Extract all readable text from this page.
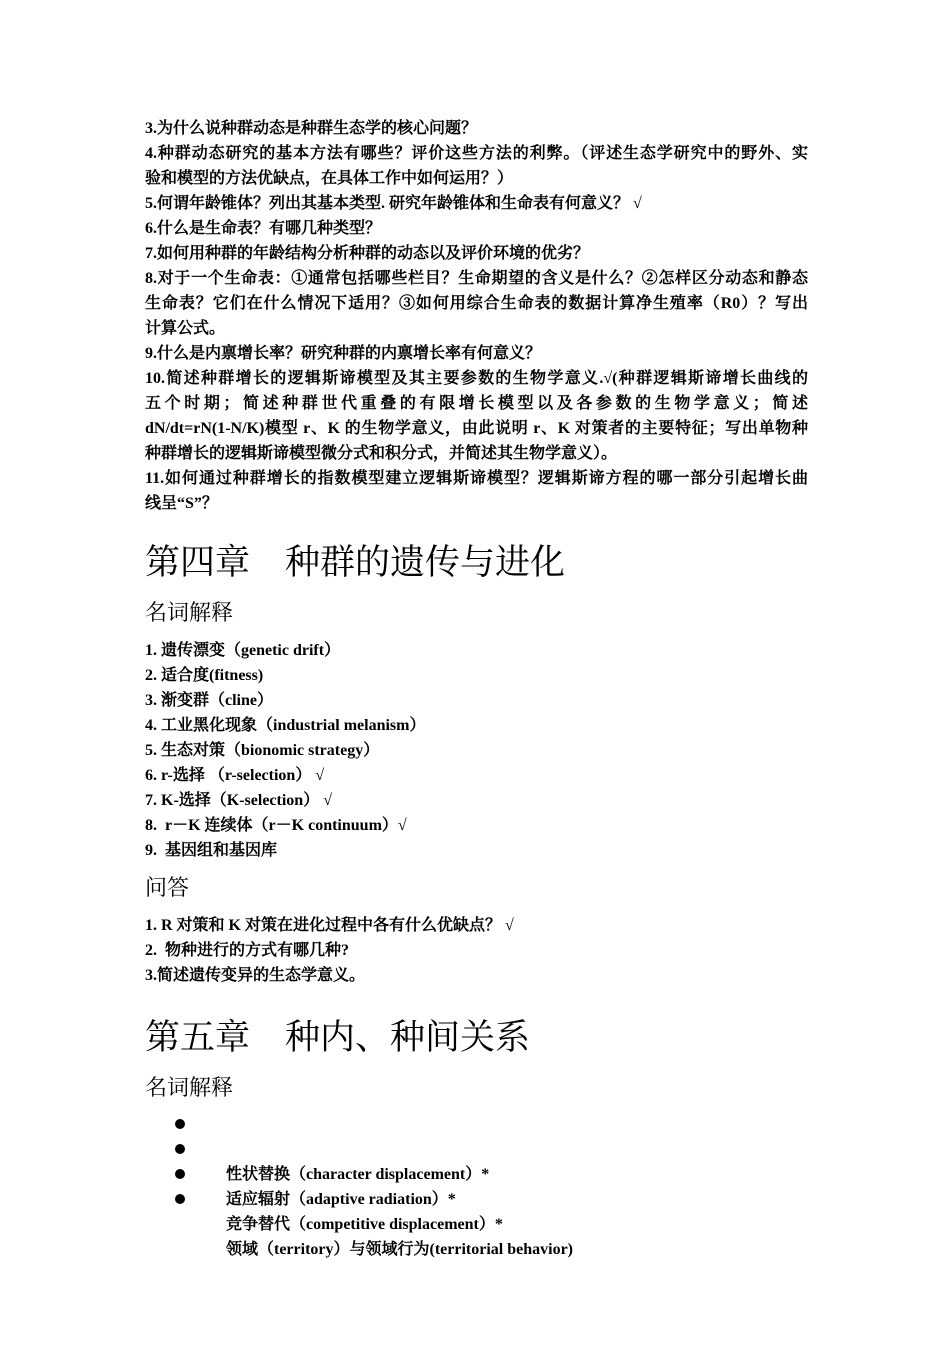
3.为什么说种群动态是种群生态学的核心问题？
4.种群动态研究的基本方法有哪些？评价这些方法的利弊。（评述生态学研究中的野外、实
验和模型的方法优缺点，在具体工作中如何运用？）
5.何谓年龄锥体？列出其基本类型. 研究年龄锥体和生命表有何意义？ √
6.什么是生命表？有哪几种类型？
7.如何用种群的年龄结构分析种群的动态以及评价环境的优劣？
8.对于一个生命表：①通常包括哪些栏目？生命期望的含义是什么？②怎样区分动态和静态
生命表？它们在什么情况下适用？③如何用综合生命表的数据计算净生殖率（R0）？写出
计算公式。
9.什么是内禀增长率？研究种群的内禀增长率有何意义？
10.简述种群增长的逻辑斯谛模型及其主要参数的生物学意义.√(种群逻辑斯谛增长曲线的
五个时期；简述种群世代重叠的有限增长模型以及各参数的生物学意义；简述
dN/dt=rN(1-N/K)模型 r、K 的生物学意义，由此说明 r、K 对策者的主要特征；写出单物种
种群增长的逻辑斯谛模型微分式和积分式，并简述其生物学意义）。
11.如何通过种群增长的指数模型建立逻辑斯谛模型？逻辑斯谛方程的哪一部分引起增长曲
线呈“S”？
第四章　种群的遗传与进化
名词解释
1. 遗传漂变（genetic drift）
2. 适合度(fitness)
3. 渐变群（cline）
4. 工业黑化现象（industrial melanism）
5. 生态对策（bionomic strategy）
6. r-选择 （r-selection） √
7. K-选择（K-selection） √
8.  r－K 连续体（r－K continuum）√
9.  基因组和基因库
问答
1. R 对策和 K 对策在进化过程中各有什么优缺点？ √
2.  物种进行的方式有哪几种?
3.简述遗传变异的生态学意义。
第五章　种内、种间关系
名词解释

性状替换（character displacement）*

适应辐射（adaptive radiation）*

竞争替代（competitive displacement）*

领域（territory）与领域行为(territorial behavior)
